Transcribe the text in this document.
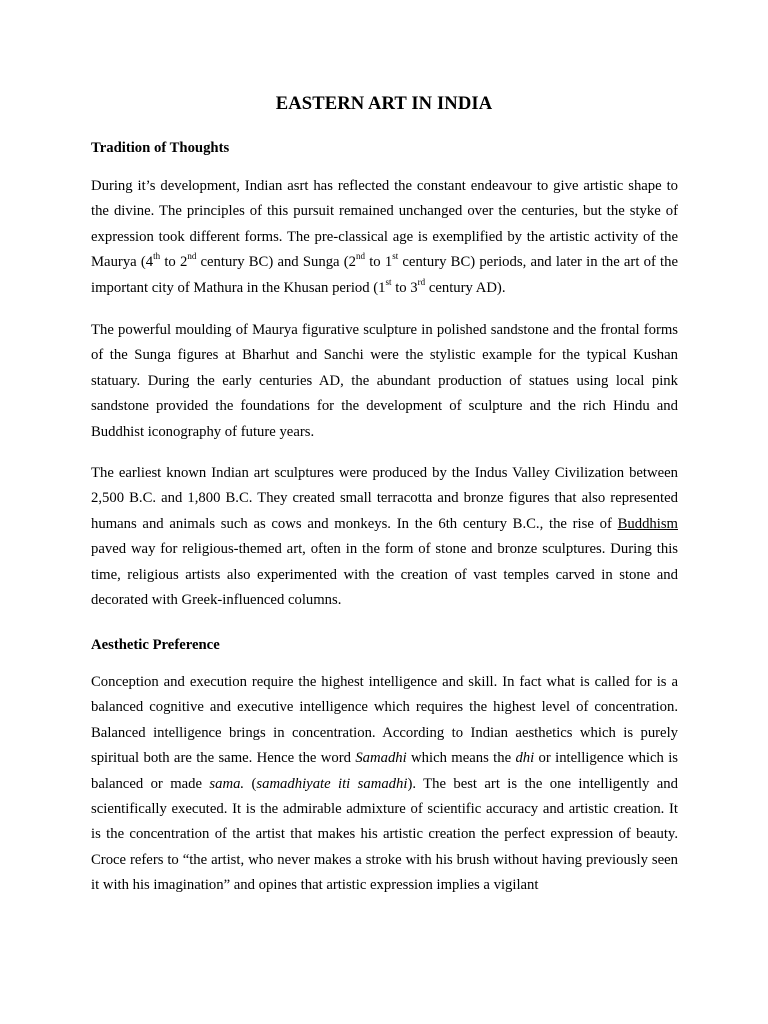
EASTERN ART IN INDIA
Tradition of Thoughts

During it’s development, Indian asrt has reflected the constant endeavour to give artistic shape to the divine. The principles of this pursuit remained unchanged over the centuries, but the styke of expression took different forms. The pre-classical age is exemplified by the artistic activity of the Maurya (4th to 2nd century BC) and Sunga (2nd to 1st century BC) periods, and later in the art of the important city of Mathura in the Khusan period (1st to 3rd century AD).

The powerful moulding of Maurya figurative sculpture in polished sandstone and the frontal forms of the Sunga figures at Bharhut and Sanchi were the stylistic example for the typical Kushan statuary. During the early centuries AD, the abundant production of statues using local pink sandstone provided the foundations for the development of sculpture and the rich Hindu and Buddhist iconography of future years.

The earliest known Indian art sculptures were produced by the Indus Valley Civilization between 2,500 B.C. and 1,800 B.C. They created small terracotta and bronze figures that also represented humans and animals such as cows and monkeys. In the 6th century B.C., the rise of Buddhism paved way for religious-themed art, often in the form of stone and bronze sculptures. During this time, religious artists also experimented with the creation of vast temples carved in stone and decorated with Greek-influenced columns.

Aesthetic Preference

Conception and execution require the highest intelligence and skill. In fact what is called for is a balanced cognitive and executive intelligence which requires the highest level of concentration. Balanced intelligence brings in concentration. According to Indian aesthetics which is purely spiritual both are the same. Hence the word Samadhi which means the dhi or intelligence which is balanced or made sama. (samadhiyate iti samadhi). The best art is the one intelligently and scientifically executed. It is the admirable admixture of scientific accuracy and artistic creation. It is the concentration of the artist that makes his artistic creation the perfect expression of beauty. Croce refers to “the artist, who never makes a stroke with his brush without having previously seen it with his imagination” and opines that artistic expression implies a vigilant
